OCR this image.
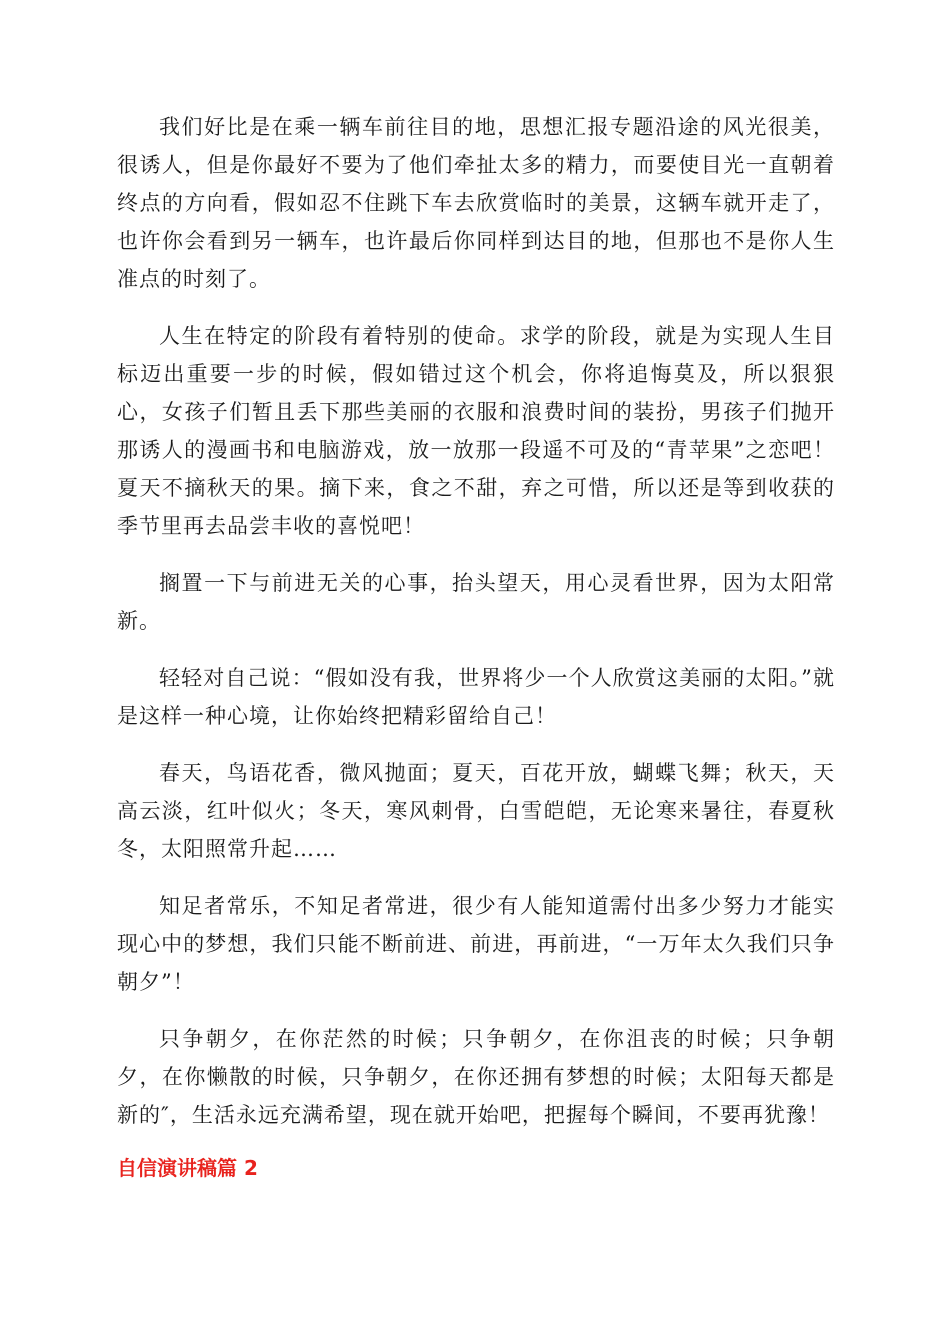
我们好比是在乘一辆车前往目的地，思想汇报专题沿途的风光很美，很诱人，但是你最好不要为了他们牵扯太多的精力，而要使目光一直朝着终点的方向看，假如忍不住跳下车去欣赏临时的美景，这辆车就开走了，也许你会看到另一辆车，也许最后你同样到达目的地，但那也不是你人生准点的时刻了。

人生在特定的阶段有着特别的使命。求学的阶段，就是为实现人生目标迈出重要一步的时候，假如错过这个机会，你将追悔莫及，所以狠狠心，女孩子们暂且丢下那些美丽的衣服和浪费时间的装扮，男孩子们抛开那诱人的漫画书和电脑游戏，放一放那一段遥不可及的“青苹果”之恋吧！夏天不摘秋天的果。摘下来，食之不甜，弃之可惜，所以还是等到收获的季节里再去品尝丰收的喜悦吧！

搁置一下与前进无关的心事，抬头望天，用心灵看世界，因为太阳常新。

轻轻对自己说：“假如没有我，世界将少一个人欣赏这美丽的太阳。”就是这样一种心境，让你始终把精彩留给自己！

春天，鸟语花香，微风抛面；夏天，百花开放，蝴蝶飞舞；秋天，天高云淡，红叶似火；冬天，寒风刺骨，白雪皑皑，无论寒来暑往，春夏秋冬，太阳照常升起……

知足者常乐，不知足者常进，很少有人能知道需付出多少努力才能实现心中的梦想，我们只能不断前进、前进，再前进，“一万年太久我们只争朝夕”！

只争朝夕，在你茫然的时候；只争朝夕，在你沮丧的时候；只争朝夕，在你懒散的时候，只争朝夕，在你还拥有梦想的时候；太阳每天都是新的″，生活永远充满希望，现在就开始吧，把握每个瞬间，不要再犹豫！

自信演讲稿篇 2
